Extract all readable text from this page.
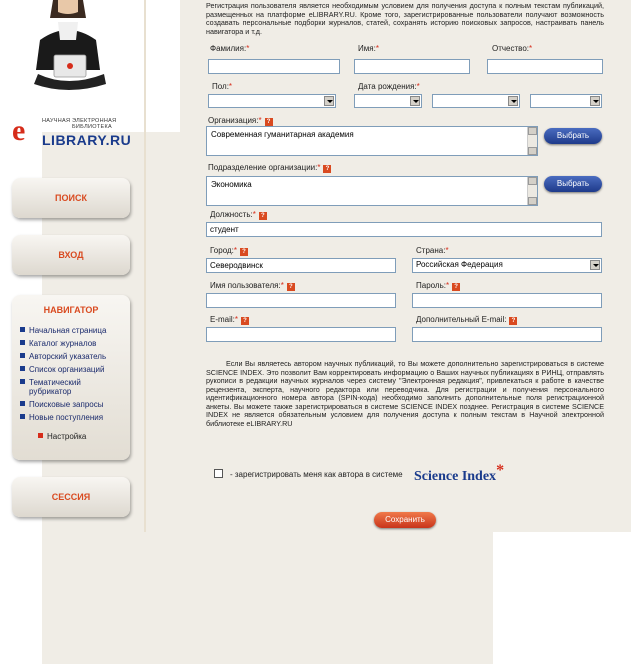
e	НАУЧНАЯ ЭЛЕКТРОННАЯ
БИБЛИОТЕКА
LIBRARY.RU
ПОИСК
ВХОД
НАВИГАТОР
Начальная страница
Каталог журналов
Авторский указатель
Список организаций
Тематический
рубрикатор
Поисковые запросы
Новые поступления
Настройка
СЕССИЯ
Регистрация пользователя является необходимым условием для получения доступа к полным текстам публикаций, размещенных на платформе eLIBRARY.RU. Кроме того, зарегистрированные пользователи получают возможность создавать персональные подборки журналов, статей, сохранять историю поисковых запросов, настраивать панель навигатора и т.д.
Фамилия:*	Имя:*	Отчество:*
Пол:*	Дата рождения:*
Организация:* ?
Современная гуманитарная академия	Выбрать
Подразделение организации:* ?
Экономика	Выбрать
Должность:* ?
студент
Город:* ?
Северодвинск
Страна:*
Российская Федерация
Имя пользователя:* ?	Пароль:* ?
E-mail:* ?	Дополнительный E-mail: ?
Если Вы являетесь автором научных публикаций, то Вы можете дополнительно зарегистрироваться в системе SCIENCE INDEX. Это позволит Вам корректировать информацию о Ваших научных публикациях в РИНЦ, отправлять рукописи в редакции научных журналов через систему "Электронная редакция", привлекаться к работе в качестве рецензента, эксперта, научного редактора или переводчика. Для регистрации и получения персонального идентификационного номера автора (SPIN-кода) необходимо заполнить дополнительные поля регистрационной анкеты. Вы можете также зарегистрироваться в системе SCIENCE INDEX позднее. Регистрация в системе SCIENCE INDEX не является обязательным условием для получения доступа к полным текстам в Научной электронной библиотеке eLIBRARY.RU
- зарегистрировать меня как автора в системе Science Index*
Сохранить
